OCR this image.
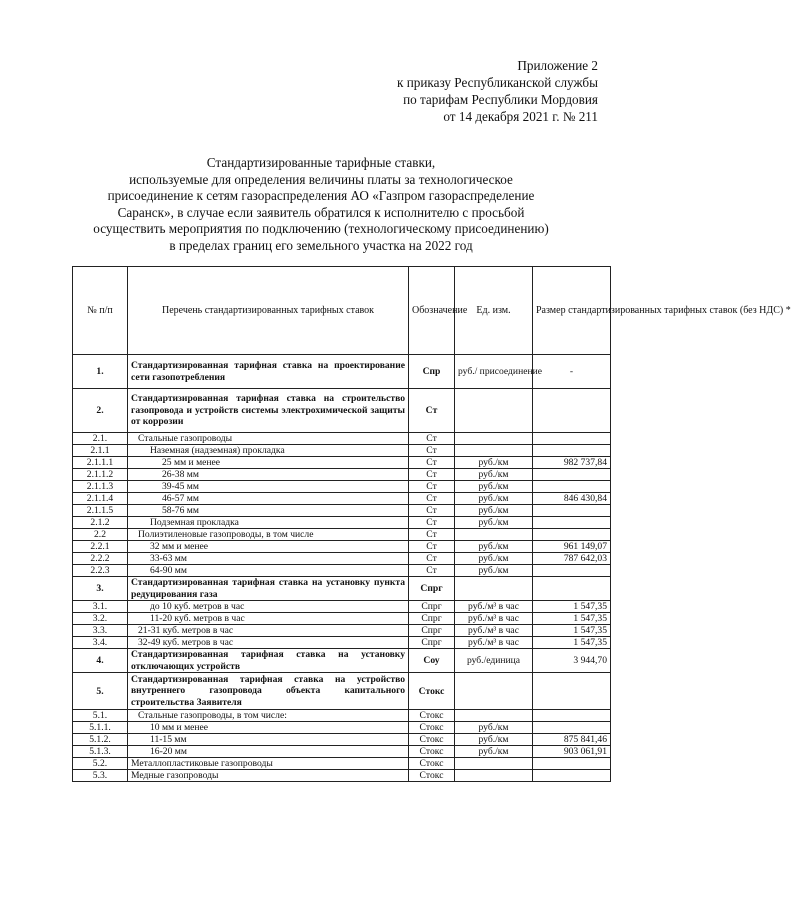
Приложение 2
к приказу Республиканской службы
по тарифам Республики Мордовия
от 14 декабря 2021 г. № 211
Стандартизированные тарифные ставки,
используемые для определения величины платы за технологическое
присоединение к сетям газораспределения АО «Газпром газораспределение
Саранск», в случае если заявитель обратился к исполнителю с просьбой
осуществить мероприятия по подключению (технологическому присоединению)
в пределах границ его земельного участка на 2022 год
№ п/п	Перечень стандартизированных тарифных ставок	Обозначение	Ед. изм.	Размер стандартизированных тарифных ставок (без НДС) *
1.	Стандартизированная тарифная ставка на проектирование сети газопотребления	Cпр	руб./ присоединение	-
2.	Стандартизированная тарифная ставка на строительство газопровода и устройств системы электрохимической защиты от коррозии	Cт		
2.1.	Стальные газопроводы	Cт		
2.1.1	Наземная (надземная) прокладка	Cт		
2.1.1.1	25 мм и менее	Cт	руб./км	982 737,84
2.1.1.2	26-38 мм	Cт	руб./км	
2.1.1.3	39-45 мм	Cт	руб./км	
2.1.1.4	46-57 мм	Cт	руб./км	846 430,84
2.1.1.5	58-76 мм	Cт	руб./км	
2.1.2	Подземная прокладка	Cт	руб./км	
2.2	Полиэтиленовые газопроводы, в том числе	Cт		
2.2.1	32 мм и менее	Cт	руб./км	961 149,07
2.2.2	33-63 мм	Cт	руб./км	787 642,03
2.2.3	64-90 мм	Cт	руб./км	
3.	Стандартизированная тарифная ставка на установку пункта редуцирования газа	Cпрг		
3.1.	до 10 куб. метров в час	Cпрг	руб./м³ в час	1 547,35
3.2.	11-20 куб. метров в час	Cпрг	руб./м³ в час	1 547,35
3.3.	21-31 куб. метров в час	Cпрг	руб./м³ в час	1 547,35
3.4.	32-49 куб. метров в час	Cпрг	руб./м³ в час	1 547,35
4.	Стандартизированная тарифная ставка на установку отключающих устройств	Cоу	руб./единица	3 944,70
5.	Стандартизированная тарифная ставка на устройство внутреннего газопровода объекта капитального строительства Заявителя	Cтокс		
5.1.	Стальные газопроводы, в том числе:	Cтокс		
5.1.1.	10 мм и менее	Cтокс	руб./км	
5.1.2.	11-15 мм	Cтокс	руб./км	875 841,46
5.1.3.	16-20 мм	Cтокс	руб./км	903 061,91
5.2.	Металлопластиковые газопроводы	Cтокс		
5.3.	Медные газопроводы	Cтокс		
